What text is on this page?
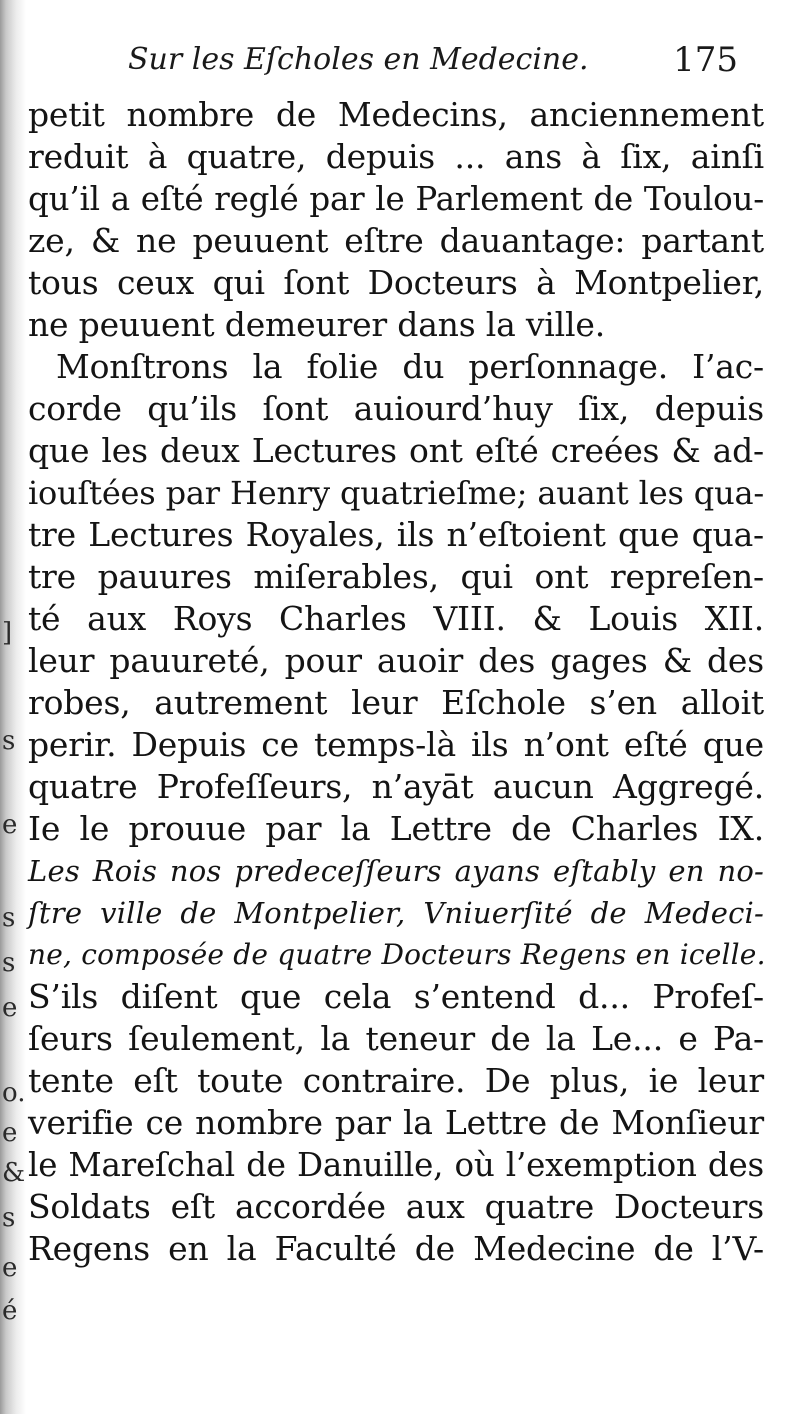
]
s
e
s
s
e
o.
e
&
s
e
é
Sur les Eſcholes en Medecine. 175
petit nombre de Medecins, anciennement
reduit à quatre, depuis ... ans à ſix, ainſi
qu’il a eſté reglé par le Parlement de Toulou-
ze, & ne peuuent eſtre dauantage: partant
tous ceux qui ſont Docteurs à Montpelier,
ne peuuent demeurer dans la ville.
Monſtrons la folie du perſonnage. I’ac-
corde qu’ils ſont auiourd’huy ſix, depuis
que les deux Lectures ont eſté creées & ad-
iouſtées par Henry quatrieſme; auant les qua-
tre Lectures Royales, ils n’eſtoient que qua-
tre pauures miſerables, qui ont repreſen-
té aux Roys Charles VIII. & Louis XII.
leur pauureté, pour auoir des gages & des
robes, autrement leur Eſchole s’en alloit
perir. Depuis ce temps-là ils n’ont eſté que
quatre Profeſſeurs, n’ayāt aucun Aggregé.
Ie le prouue par la Lettre de Charles IX.
Les Rois nos predeceſſeurs ayans eſtably en no-
ſtre ville de Montpelier, Vniuerſité de Medeci-
ne, composée de quatre Docteurs Regens en icelle.
S’ils diſent que cela s’entend d... Profeſ-
ſeurs ſeulement, la teneur de la Le... e Pa-
tente eſt toute contraire. De plus, ie leur
verifie ce nombre par la Lettre de Monſieur
le Mareſchal de Danuille, où l’exemption des
Soldats eſt accordée aux quatre Docteurs
Regens en la Faculté de Medecine de l’V-
